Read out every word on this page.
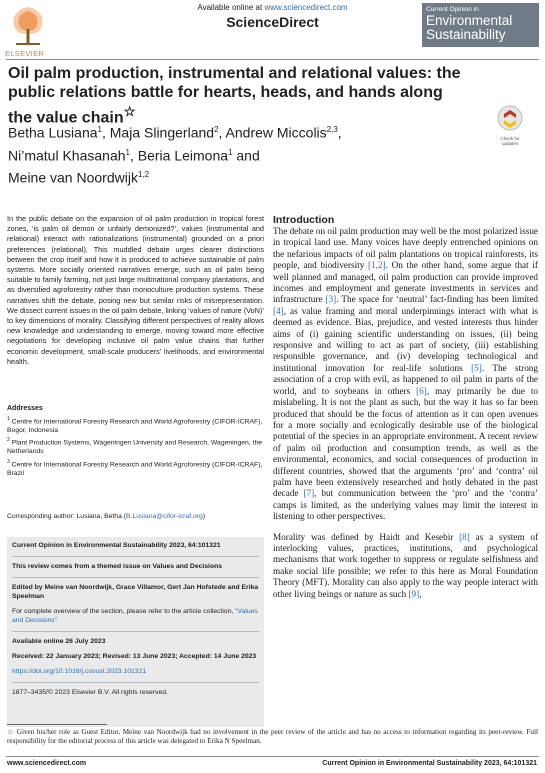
Available online at www.sciencedirect.com
ScienceDirect
ELSEVIER
Current Opinion in
Environmental
Sustainability
Oil palm production, instrumental and relational values: the public relations battle for hearts, heads, and hands along the value chain☆
Betha Lusiana$^1$, Maja Slingerland$^2$, Andrew Miccolis$^{2,3}$,
Ni’matul Khasanah$^1$, Beria Leimona$^1$ and
Meine van Noordwijk$^{1,2}$
Check for updates
In the public debate on the expansion of oil palm production in tropical forest zones, ‘is palm oil demon or unfairly demonized?’, values (instrumental and relational) interact with rationalizations (instrumental) grounded on a priori preferences (relational). This muddled debate urges clearer distinctions between the crop itself and how it is produced to achieve sustainable oil palm systems. More socially oriented narratives emerge, such as oil palm being suitable to family farming, not just large multinational company plantations, and as diversified agroforestry rather than monoculture production systems. These narratives shift the debate, posing new but similar risks of misrepresentation. We dissect current issues in the oil palm debate, linking ‘values of nature (VoN)’ to key dimensions of morality. Classifying different perspectives of reality allows new knowledge and understanding to emerge, moving toward more effective negotiations for developing inclusive oil palm value chains that further economic development, small-scale producers’ livelihoods, and environmental health.
Addresses
$^1$ Centre for International Forestry Research and World Agroforestry (CIFOR-ICRAF), Bogor, Indonesia
$^2$ Plant Production Systems, Wageningen University and Research, Wageningen, the Netherlands
$^3$ Centre for International Forestry Research and World Agroforestry (CIFOR-ICRAF), Brazil
Corresponding author: Lusiana, Betha (B.Lusiana@cifor-icraf.org)

Current Opinion in Environmental Sustainability 2023, 64:101321

This review comes from a themed issue on Values and Decisions

Edited by Meine van Noordwijk, Grace Villamor, Gert Jan Hofstede and Erika Speelman

For complete overview of the section, please refer to the article collection, “Values and Decisions”

Available online 26 July 2023

Received: 22 January 2023; Revised: 13 June 2023; Accepted: 14 June 2023

https://doi.org/10.1016/j.cosust.2023.101321

1877–3435/© 2023 Elsevier B.V. All rights reserved.

Introduction

The debate on oil palm production may well be the most polarized issue in tropical land use. Many voices have deeply entrenched opinions on the nefarious impacts of oil palm plantations on tropical rainforests, its people, and biodiversity [1,2]. On the other hand, some argue that if well planned and managed, oil palm production can provide improved incomes and employment and generate investments in services and infrastructure [3]. The space for ‘neutral’ fact-finding has been limited [4], as value framing and moral underpinnings interact with what is deemed as evidence. Bias, prejudice, and vested interests thus hinder aims of (i) gaining scientific understanding on issues, (ii) being responsive and willing to act as part of society, (iii) establishing responsible governance, and (iv) developing technological and institutional innovation for real-life solutions [5]. The strong association of a crop with evil, as happened to oil palm in parts of the world, and to soybeans in others [6], may primarily be due to mislabeling. It is not the plant as such, but the way it has so far been produced that should be the focus of attention as it can open avenues for a more socially and ecologically desirable use of the biological potential of the species in an appropriate environment. A recent review of palm oil production and consumption trends, as well as the environmental, economics, and social consequences of production in different countries, showed that the arguments ‘pro’ and ‘contra’ oil palm have been extensively researched and hotly debated in the past decade [7], but communication between the ‘pro’ and the ‘contra’ camps is limited, as the underlying values may limit the interest in listening to other perspectives.

Morality was defined by Haidt and Kesebir [8] as a system of interlocking values, practices, institutions, and psychological mechanisms that work together to suppress or regulate selfishness and make social life possible; we refer to this here as Moral Foundation Theory (MFT). Morality can also apply to the way people interact with other living beings or nature as such [9],

☆ Given his/her role as Guest Editor, Meine van Noordwijk had no involvement in the peer review of the article and has no access to information regarding its peer-review. Full responsibility for the editorial process of this article was delegated to Erika N Speelman.
www.sciencedirect.com	Current Opinion in Environmental Sustainability 2023, 64:101321
